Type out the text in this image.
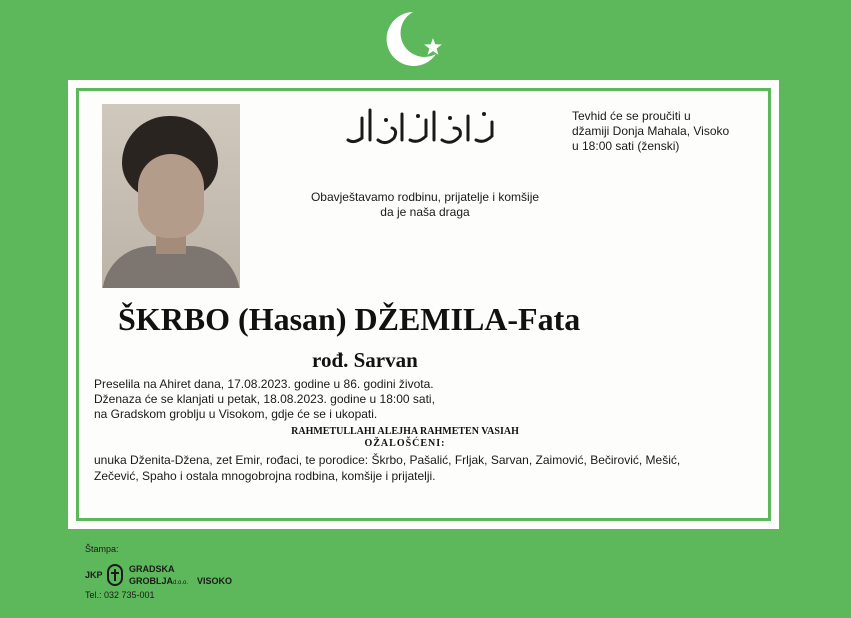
Tevhid će se proučiti u
džamiji Donja Mahala, Visoko
u 18:00 sati (ženski)
Obavještavamo rodbinu, prijatelje i komšije
da je naša draga
ŠKRBO (Hasan) DŽEMILA-Fata
rođ. Sarvan
Preselila na Ahiret dana, 17.08.2023. godine u 86. godini života.
Dženaza će se klanjati u petak, 18.08.2023. godine u 18:00 sati,
na Gradskom groblju u Visokom, gdje će se i ukopati.
RAHMETULLAHI ALEJHA RAHMETEN VASIAH
OŽALOŠĆENI:
unuka Dženita-Džena, zet Emir, rođaci, te porodice: Škrbo, Pašalić, Frljak, Sarvan, Zaimović, Bečirović, Mešić,
Zečević, Spaho i ostala mnogobrojna rodbina, komšije i prijatelji.
Štampa:
JKP
GRADSKA
GROBLJA d.o.o. VISOKO
Tel.: 032 735-001
